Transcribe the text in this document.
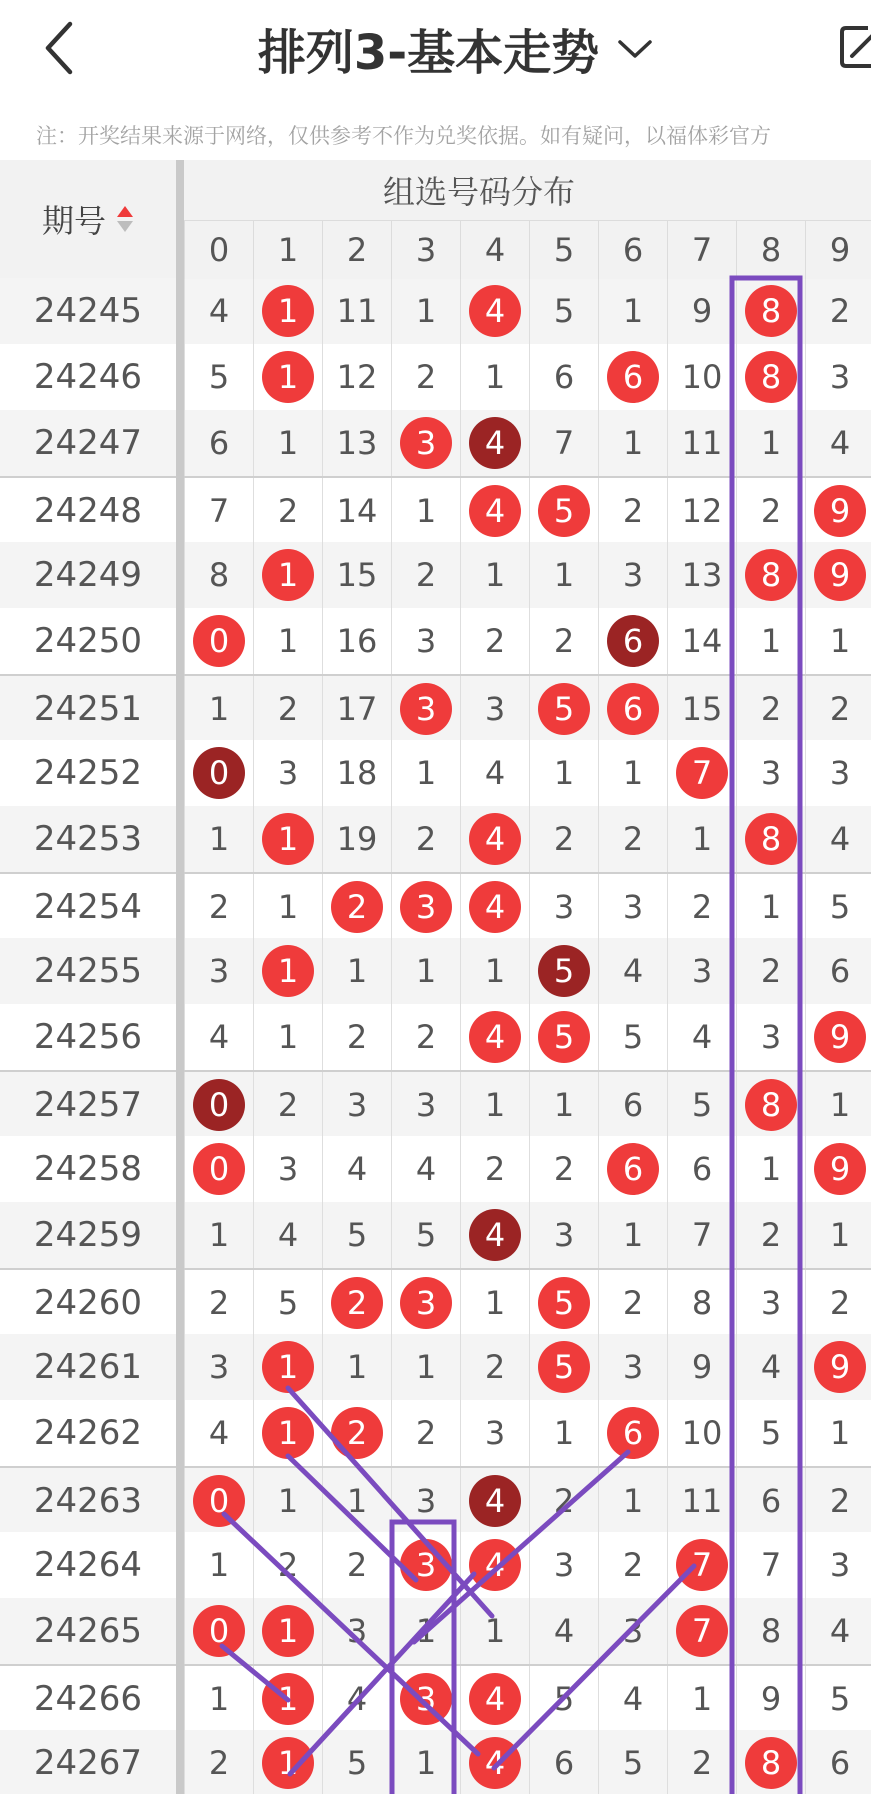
排列3-基本走势
注：开奖结果来源于网络，仅供参考不作为兑奖依据。如有疑问，以福体彩官方
24245	4	1	11	1	4	5	1	9	8	2
24246	5	1	12	2	1	6	6	10	8	3
24247	6	1	13	3	4	7	1	11	1	4
24248	7	2	14	1	4	5	2	12	2	9
24249	8	1	15	2	1	1	3	13	8	9
24250	0	1	16	3	2	2	6	14	1	1
24251	1	2	17	3	3	5	6	15	2	2
24252	0	3	18	1	4	1	1	7	3	3
24253	1	1	19	2	4	2	2	1	8	4
24254	2	1	2	3	4	3	3	2	1	5
24255	3	1	1	1	1	5	4	3	2	6
24256	4	1	2	2	4	5	5	4	3	9
24257	0	2	3	3	1	1	6	5	8	1
24258	0	3	4	4	2	2	6	6	1	9
24259	1	4	5	5	4	3	1	7	2	1
24260	2	5	2	3	1	5	2	8	3	2
24261	3	1	1	1	2	5	3	9	4	9
24262	4	1	2	2	3	1	6	10	5	1
24263	0	1	1	3	4	2	1	11	6	2
24264	1	2	2	3	4	3	2	7	7	3
24265	0	1	3	1	1	4	3	7	8	4
24266	1	1	4	3	4	5	4	1	9	5
24267	2	1	5	1	4	6	5	2	8	6
期号
组选号码分布
0	1	2	3	4	5	6	7	8	9
